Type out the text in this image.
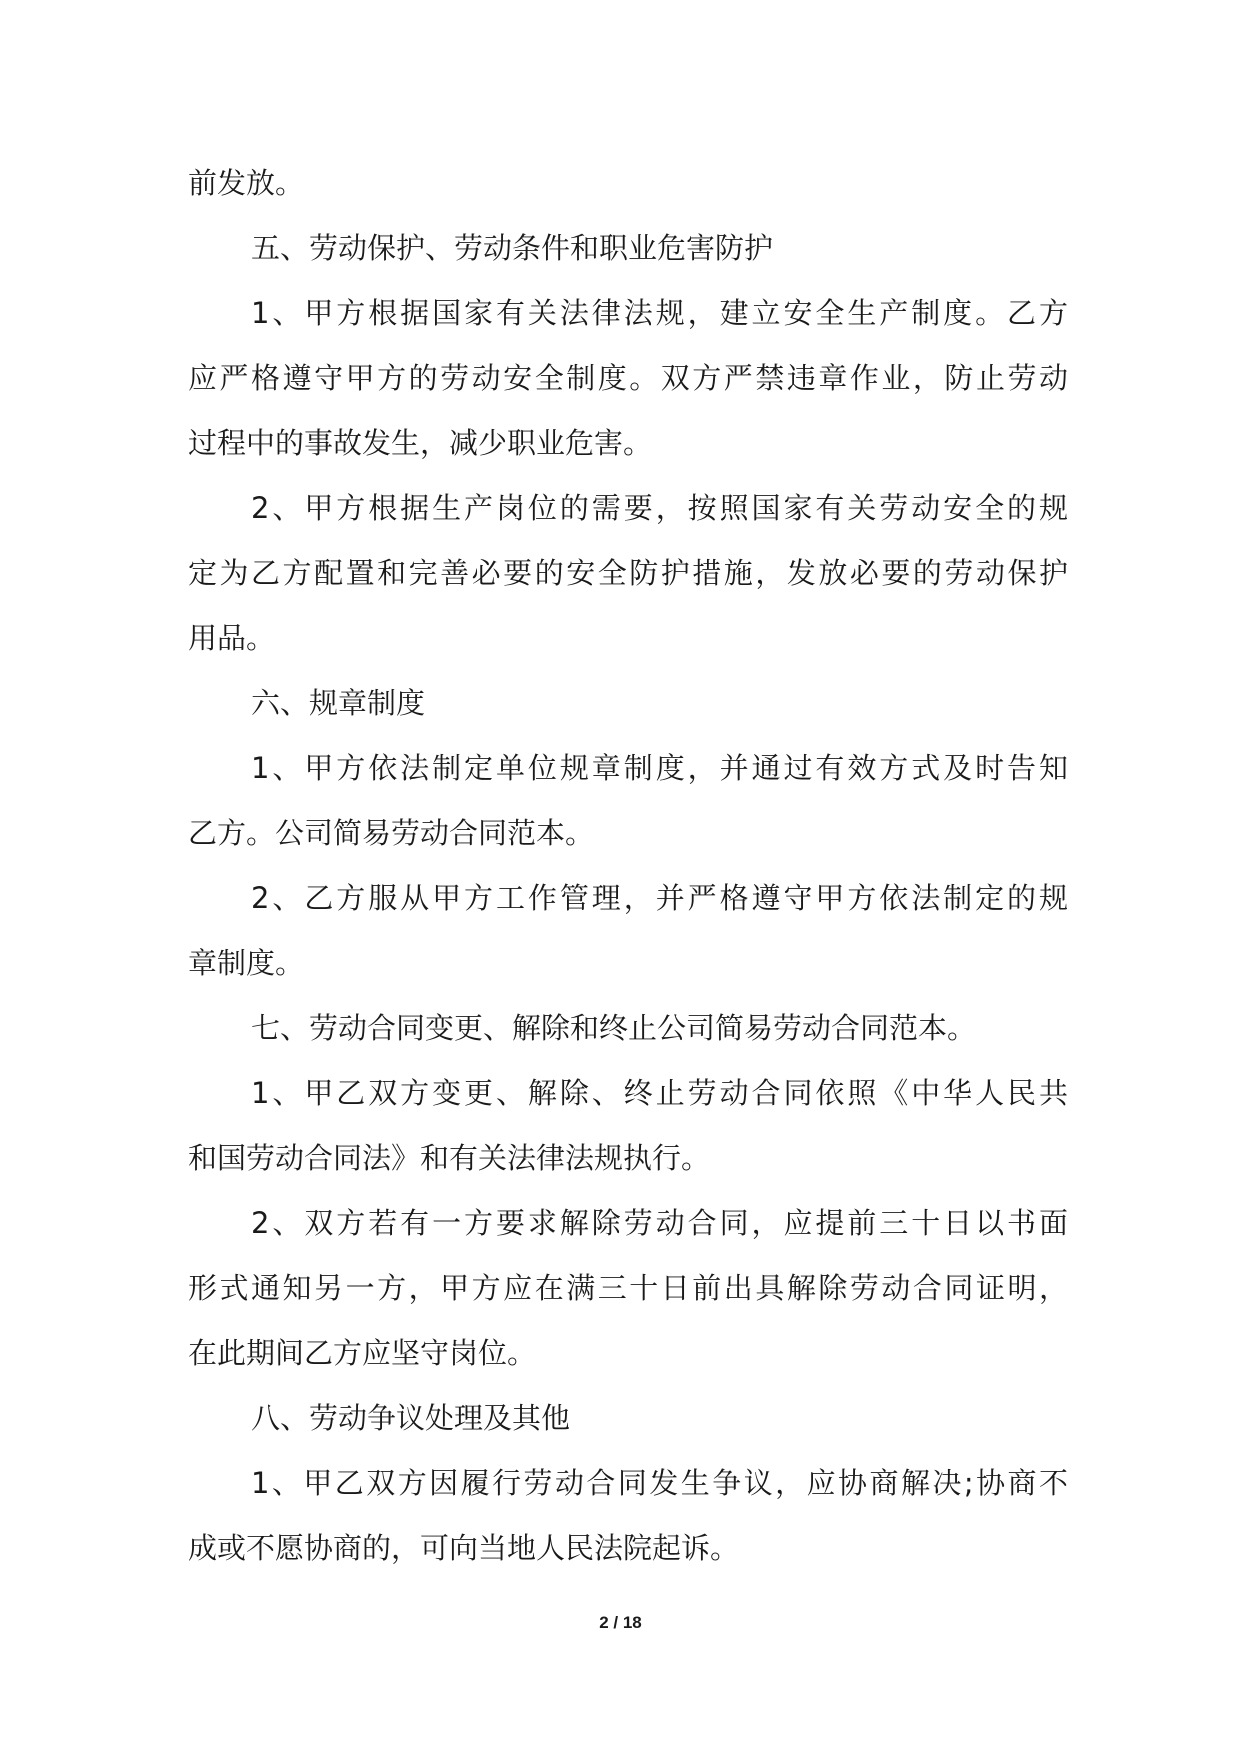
前发放。
五、劳动保护、劳动条件和职业危害防护
1、甲方根据国家有关法律法规，建立安全生产制度。乙方
应严格遵守甲方的劳动安全制度。双方严禁违章作业，防止劳动
过程中的事故发生，减少职业危害。
2、甲方根据生产岗位的需要，按照国家有关劳动安全的规
定为乙方配置和完善必要的安全防护措施，发放必要的劳动保护
用品。
六、规章制度
1、甲方依法制定单位规章制度，并通过有效方式及时告知
乙方。公司简易劳动合同范本。
2、乙方服从甲方工作管理，并严格遵守甲方依法制定的规
章制度。
七、劳动合同变更、解除和终止公司简易劳动合同范本。
1、甲乙双方变更、解除、终止劳动合同依照《中华人民共
和国劳动合同法》和有关法律法规执行。
2、双方若有一方要求解除劳动合同，应提前三十日以书面
形式通知另一方，甲方应在满三十日前出具解除劳动合同证明，
在此期间乙方应坚守岗位。
八、劳动争议处理及其他
1、甲乙双方因履行劳动合同发生争议，应协商解决;协商不
成或不愿协商的，可向当地人民法院起诉。
2 / 18
